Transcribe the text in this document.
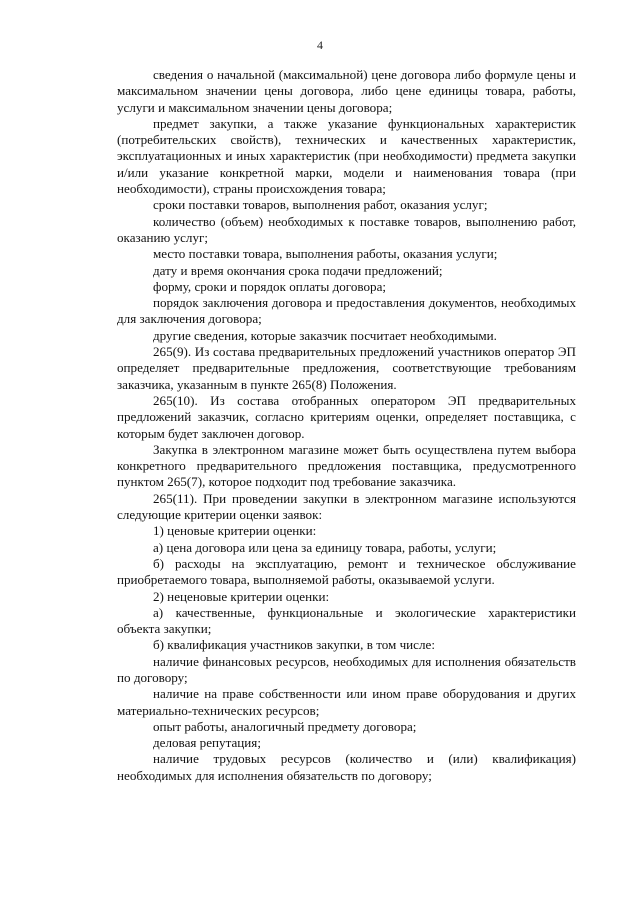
4

сведения о начальной (максимальной) цене договора либо формуле цены и максимальном значении цены договора, либо цене единицы товара, работы, услуги и максимальном значении цены договора;

предмет закупки, а также указание функциональных характеристик (потребительских свойств), технических и качественных характеристик, эксплуатационных и иных характеристик (при необходимости) предмета закупки и/или указание конкретной марки, модели и наименования товара (при необходимости), страны происхождения товара;

сроки поставки товаров, выполнения работ, оказания услуг;

количество (объем) необходимых к поставке товаров, выполнению работ, оказанию услуг;

место поставки товара, выполнения работы, оказания услуги;

дату и время окончания срока подачи предложений;

форму, сроки и порядок оплаты договора;

порядок заключения договора и предоставления документов, необходимых для заключения договора;

другие сведения, которые заказчик посчитает необходимыми.

265(9). Из состава предварительных предложений участников оператор ЭП определяет предварительные предложения, соответствующие требованиям заказчика, указанным в пункте 265(8) Положения.

265(10). Из состава отобранных оператором ЭП предварительных предложений заказчик, согласно критериям оценки, определяет поставщика, с которым будет заключен договор.

Закупка в электронном магазине может быть осуществлена путем выбора конкретного предварительного предложения поставщика, предусмотренного пунктом 265(7), которое подходит под требование заказчика.

265(11). При проведении закупки в электронном магазине используются следующие критерии оценки заявок:

1) ценовые критерии оценки:

а) цена договора или цена за единицу товара, работы, услуги;

б) расходы на эксплуатацию, ремонт и техническое обслуживание приобретаемого товара, выполняемой работы, оказываемой услуги.

2) неценовые критерии оценки:

а) качественные, функциональные и экологические характеристики объекта закупки;

б) квалификация участников закупки, в том числе:

наличие финансовых ресурсов, необходимых для исполнения обязательств по договору;

наличие на праве собственности или ином праве оборудования и других материально-технических ресурсов;

опыт работы, аналогичный предмету договора;

деловая репутация;

наличие трудовых ресурсов (количество и (или) квалификация) необходимых для исполнения обязательств по договору;
